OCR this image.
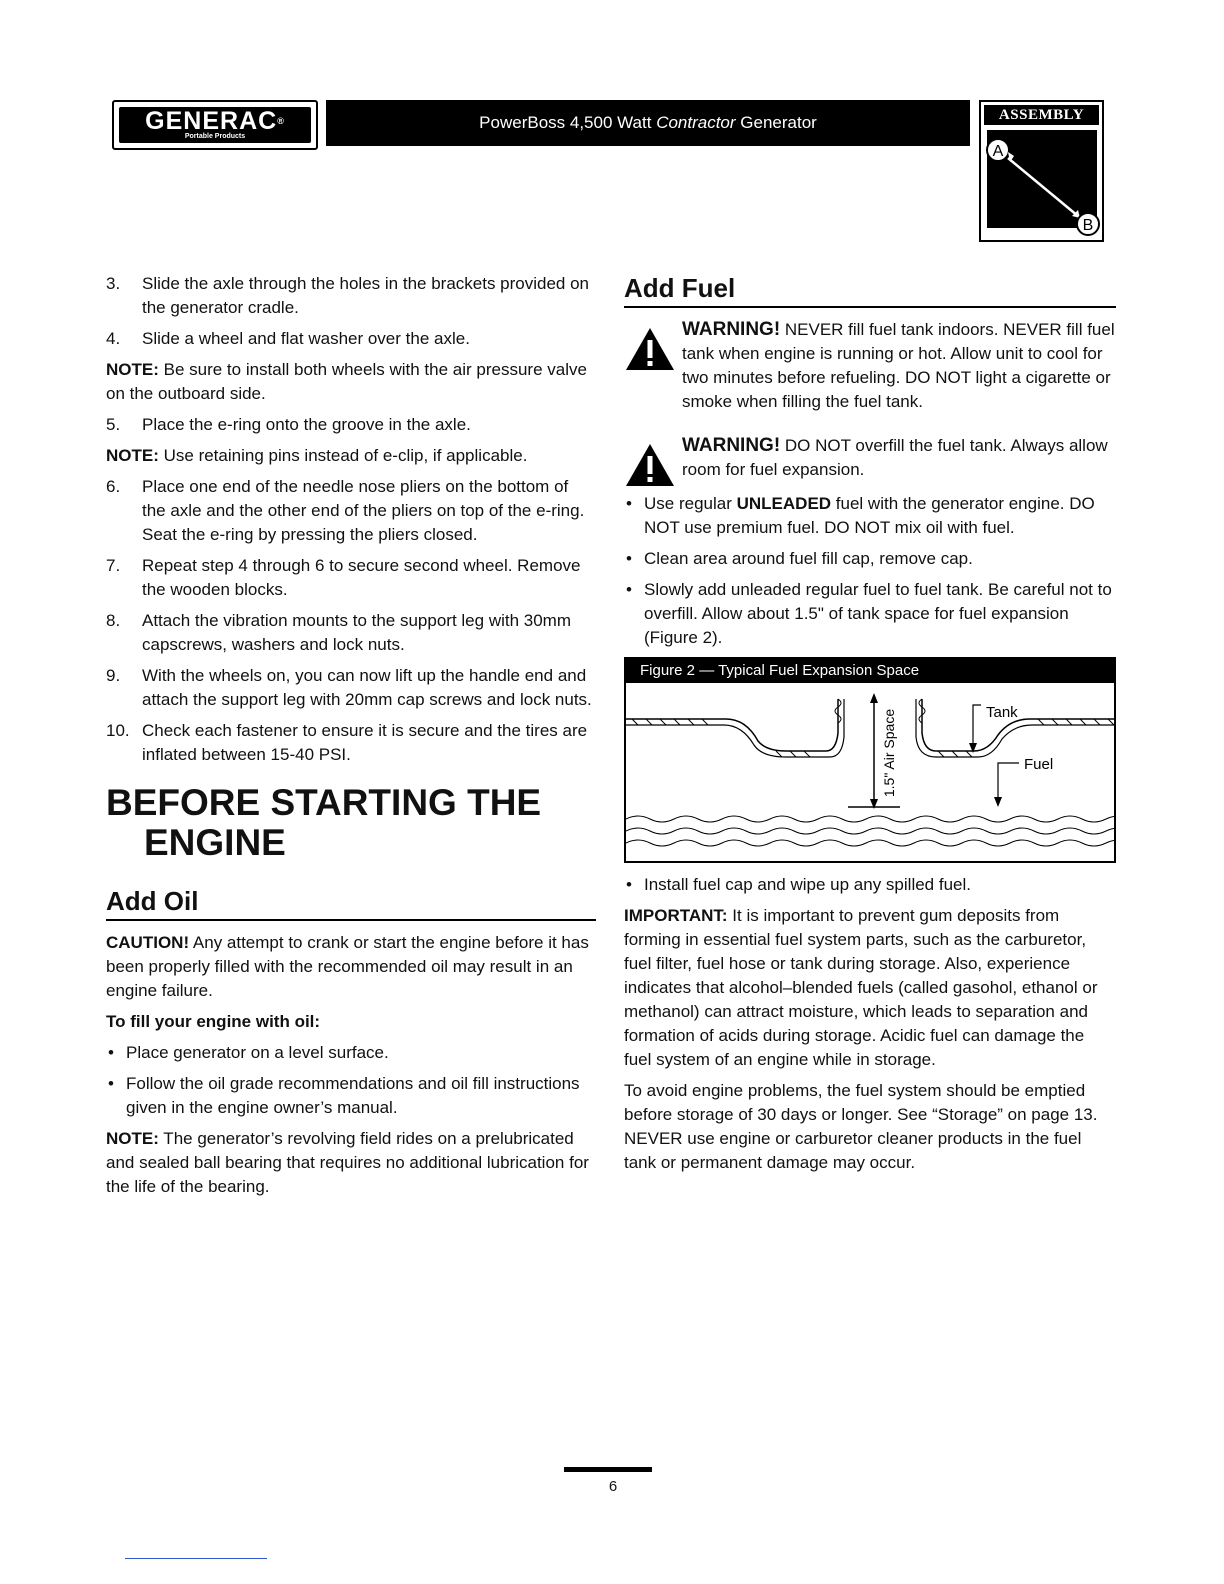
GENERAC®
Portable Products
PowerBoss 4,500 Watt Contractor Generator	ASSEMBLY
A
B
3. Slide the axle through the holes in the brackets provided on the generator cradle.
4. Slide a wheel and flat washer over the axle.

NOTE: Be sure to install both wheels with the air pressure valve on the outboard side.

5. Place the e-ring onto the groove in the axle.

NOTE: Use retaining pins instead of e-clip, if applicable.

6. Place one end of the needle nose pliers on the bottom of the axle and the other end of the pliers on top of the e-ring. Seat the e-ring by pressing the pliers closed.
7. Repeat step 4 through 6 to secure second wheel. Remove the wooden blocks.
8. Attach the vibration mounts to the support leg with 30mm capscrews, washers and lock nuts.
9. With the wheels on, you can now lift up the handle end and attach the support leg with 20mm cap screws and lock nuts.
10. Check each fastener to ensure it is secure and the tires are inflated between 15-40 PSI.
BEFORE STARTING THE
ENGINE
Add Oil

CAUTION! Any attempt to crank or start the engine before it has been properly filled with the recommended oil may result in an engine failure.

To fill your engine with oil:
• Place generator on a level surface.
• Follow the oil grade recommendations and oil fill instructions given in the engine owner’s manual.

NOTE: The generator’s revolving field rides on a prelubricated and sealed ball bearing that requires no additional lubrication for the life of the bearing.

Add Fuel
WARNING! NEVER fill fuel tank indoors. NEVER fill fuel tank when engine is running or hot. Allow unit to cool for two minutes before refueling. DO NOT light a cigarette or smoke when filling the fuel tank.
WARNING! DO NOT overfill the fuel tank. Always allow room for fuel expansion.
• Use regular UNLEADED fuel with the generator engine. DO NOT use premium fuel. DO NOT mix oil with fuel.
• Clean area around fuel fill cap, remove cap.
• Slowly add unleaded regular fuel to fuel tank. Be careful not to overfill. Allow about 1.5" of tank space for fuel expansion (Figure 2).
Figure 2 — Typical Fuel Expansion Space
1.5" Air Space	Tank
Fuel
• Install fuel cap and wipe up any spilled fuel.

IMPORTANT: It is important to prevent gum deposits from forming in essential fuel system parts, such as the carburetor, fuel filter, fuel hose or tank during storage. Also, experience indicates that alcohol–blended fuels (called gasohol, ethanol or methanol) can attract moisture, which leads to separation and formation of acids during storage. Acidic fuel can damage the fuel system of an engine while in storage.

To avoid engine problems, the fuel system should be emptied before storage of 30 days or longer. See “Storage” on page 13. NEVER use engine or carburetor cleaner products in the fuel tank or permanent damage may occur.

6
